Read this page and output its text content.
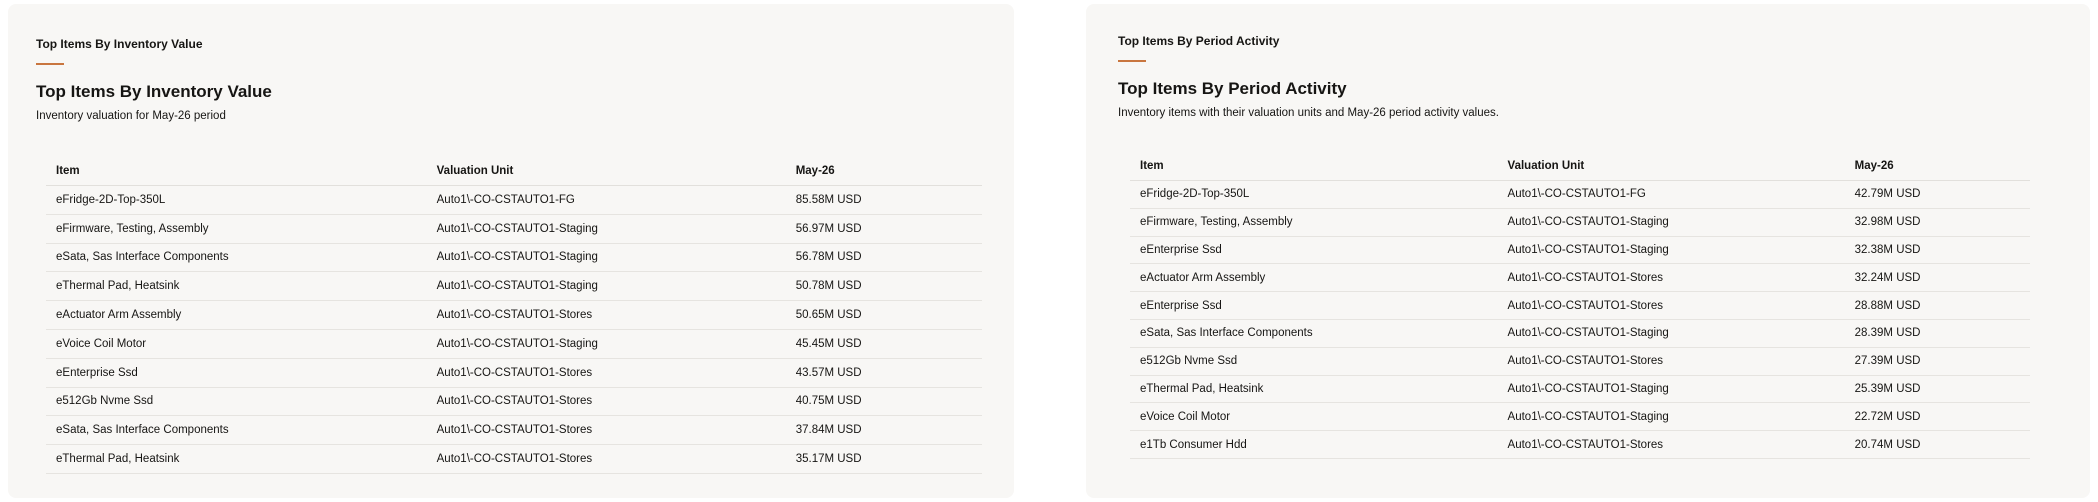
Top Items By Inventory Value
Top Items By Inventory Value
Inventory valuation for May-26 period
Item	Valuation Unit	May-26
eFridge-2D-Top-350L	Auto1\-CO-CSTAUTO1-FG	85.58M USD
eFirmware, Testing, Assembly	Auto1\-CO-CSTAUTO1-Staging	56.97M USD
eSata, Sas Interface Components	Auto1\-CO-CSTAUTO1-Staging	56.78M USD
eThermal Pad, Heatsink	Auto1\-CO-CSTAUTO1-Staging	50.78M USD
eActuator Arm Assembly	Auto1\-CO-CSTAUTO1-Stores	50.65M USD
eVoice Coil Motor	Auto1\-CO-CSTAUTO1-Staging	45.45M USD
eEnterprise Ssd	Auto1\-CO-CSTAUTO1-Stores	43.57M USD
e512Gb Nvme Ssd	Auto1\-CO-CSTAUTO1-Stores	40.75M USD
eSata, Sas Interface Components	Auto1\-CO-CSTAUTO1-Stores	37.84M USD
eThermal Pad, Heatsink	Auto1\-CO-CSTAUTO1-Stores	35.17M USD
Top Items By Period Activity
Top Items By Period Activity
Inventory items with their valuation units and May-26 period activity values.
Item	Valuation Unit	May-26
eFridge-2D-Top-350L	Auto1\-CO-CSTAUTO1-FG	42.79M USD
eFirmware, Testing, Assembly	Auto1\-CO-CSTAUTO1-Staging	32.98M USD
eEnterprise Ssd	Auto1\-CO-CSTAUTO1-Staging	32.38M USD
eActuator Arm Assembly	Auto1\-CO-CSTAUTO1-Stores	32.24M USD
eEnterprise Ssd	Auto1\-CO-CSTAUTO1-Stores	28.88M USD
eSata, Sas Interface Components	Auto1\-CO-CSTAUTO1-Staging	28.39M USD
e512Gb Nvme Ssd	Auto1\-CO-CSTAUTO1-Stores	27.39M USD
eThermal Pad, Heatsink	Auto1\-CO-CSTAUTO1-Staging	25.39M USD
eVoice Coil Motor	Auto1\-CO-CSTAUTO1-Staging	22.72M USD
e1Tb Consumer Hdd	Auto1\-CO-CSTAUTO1-Stores	20.74M USD
